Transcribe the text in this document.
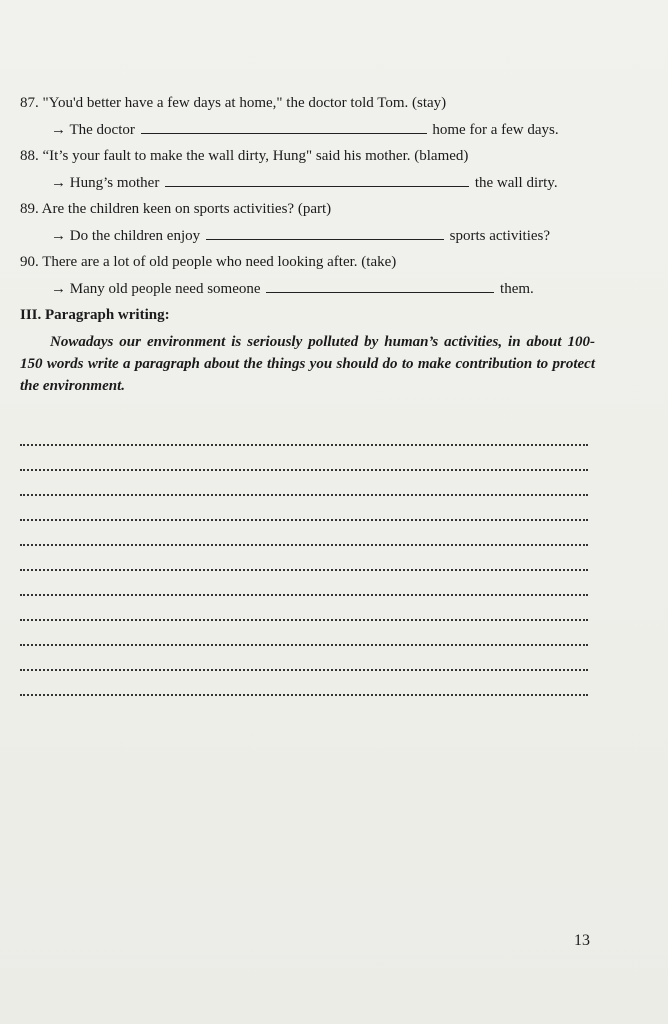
87. "You'd better have a few days at home," the doctor told Tom. (stay)
→ The doctor	home for a few days.
88. “It’s your fault to make the wall dirty, Hung" said his mother. (blamed)
→ Hung’s mother	the wall dirty.
89. Are the children keen on sports activities? (part)
→ Do the children enjoy	sports activities?
90. There are a lot of old people who need looking after. (take)
→ Many old people need someone	them.
III. Paragraph writing:
Nowadays our environment is seriously polluted by human’s activities, in about 100- 150 words write a paragraph about the things you should do to make contribution to protect the environment.
13
